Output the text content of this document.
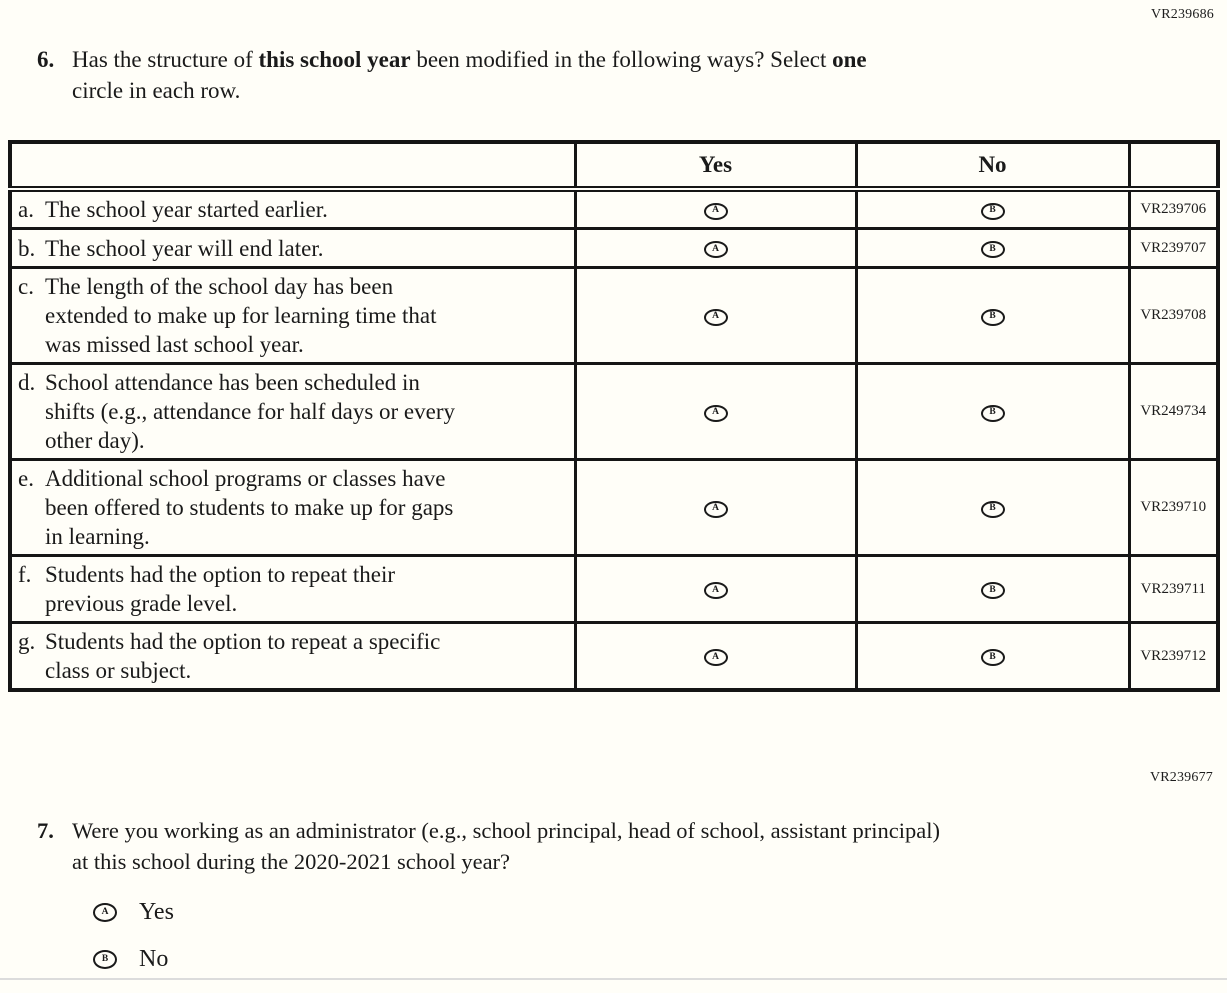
VR239686
6. Has the structure of this school year been modified in the following ways? Select one
circle in each row.
	Yes	No	

a. The school year started earlier.	A	B	VR239706

b. The school year will end later.	A	B	VR239707

c. The length of the school day has been
extended to make up for learning time that
was missed last school year.	A	B	VR239708

d. School attendance has been scheduled in
shifts (e.g., attendance for half days or every
other day).	A	B	VR249734

e. Additional school programs or classes have
been offered to students to make up for gaps
in learning.	A	B	VR239710

f. Students had the option to repeat their
previous grade level.	A	B	VR239711

g. Students had the option to repeat a specific
class or subject.	A	B	VR239712
VR239677
7. Were you working as an administrator (e.g., school principal, head of school, assistant principal)
at this school during the 2020-2021 school year?
A	Yes
B	No
